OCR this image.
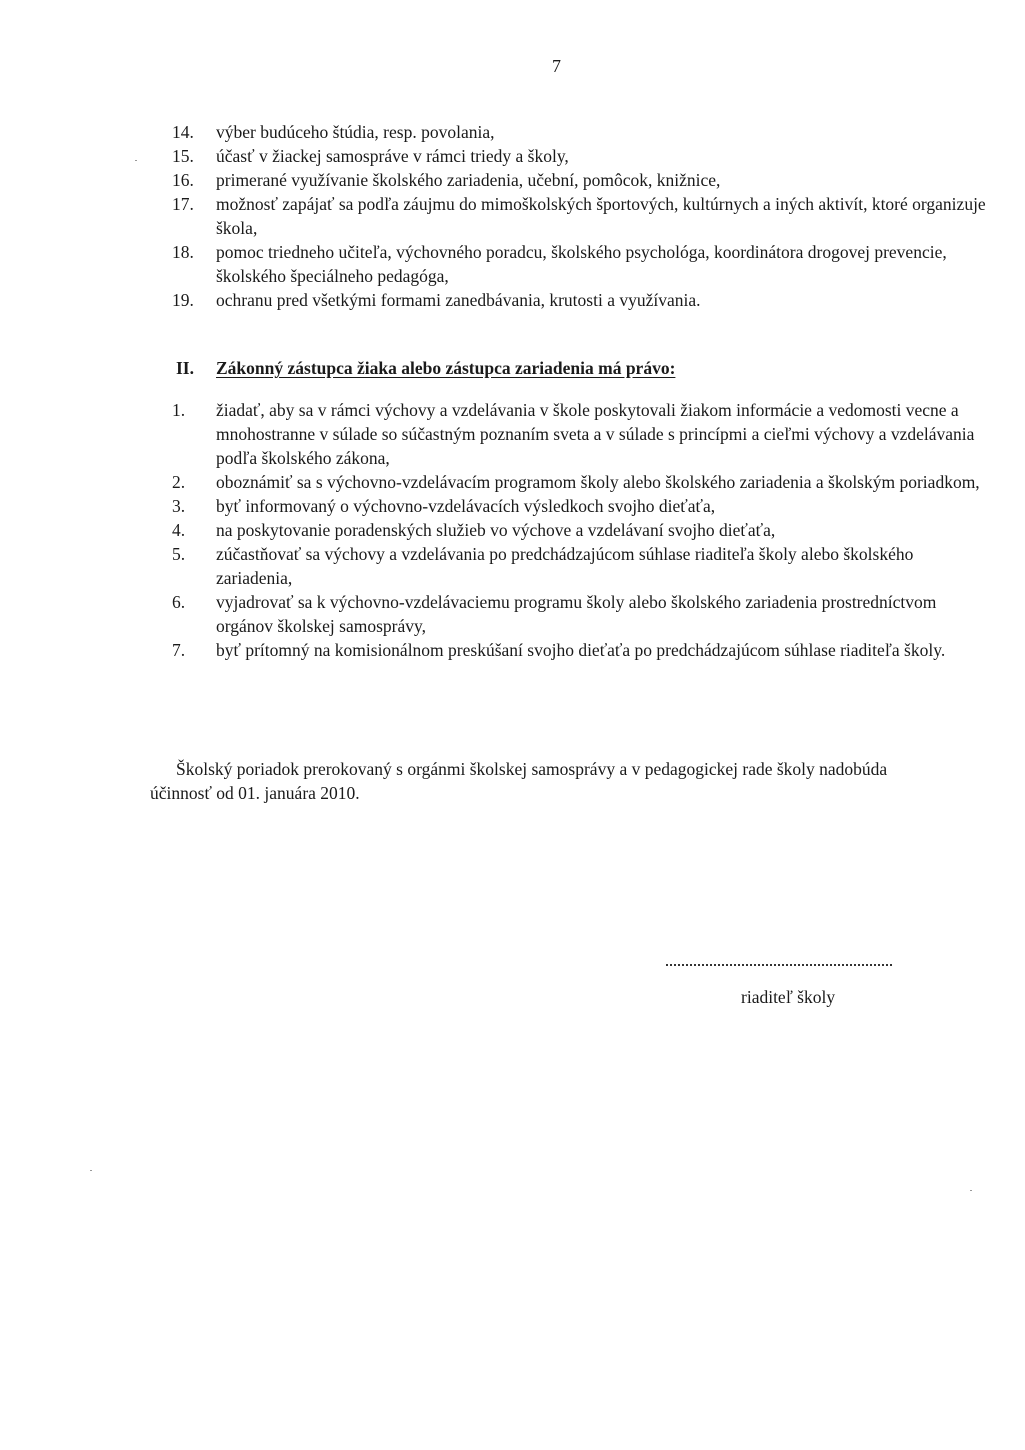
7
14.	výber budúceho štúdia, resp. povolania,
15.	účasť v žiackej samospráve v rámci triedy a školy,
16.	primerané využívanie školského zariadenia, učební, pomôcok, knižnice,
17.	možnosť zapájať sa podľa záujmu do mimoškolských športových, kultúrnych a iných aktivít, ktoré organizuje škola,
18.	pomoc triedneho učiteľa, výchovného poradcu, školského psychológa, koordinátora drogovej prevencie, školského špeciálneho pedagóga,
19.	ochranu pred všetkými formami zanedbávania, krutosti a využívania.
II.	Zákonný zástupca žiaka alebo zástupca zariadenia má právo:
1.	žiadať, aby sa v rámci výchovy a vzdelávania v škole poskytovali žiakom informácie a vedomosti vecne a mnohostranne v súlade so súčastným poznaním sveta a v súlade s princípmi a cieľmi výchovy a vzdelávania podľa školského zákona,
2.	oboznámiť sa s výchovno-vzdelávacím programom školy alebo školského zariadenia a školským poriadkom,
3.	byť informovaný o výchovno-vzdelávacích výsledkoch svojho dieťaťa,
4.	na poskytovanie poradenských služieb vo výchove a vzdelávaní svojho dieťaťa,
5.	zúčastňovať sa výchovy a vzdelávania po predchádzajúcom súhlase riaditeľa školy alebo školského zariadenia,
6.	vyjadrovať sa k výchovno-vzdelávaciemu programu školy alebo školského zariadenia prostredníctvom orgánov školskej samosprávy,
7.	byť prítomný na komisionálnom preskúšaní svojho dieťaťa po predchádzajúcom súhlase riaditeľa školy.

Školský poriadok prerokovaný s orgánmi školskej samosprávy a v pedagogickej rade školy nadobúda účinnosť od 01. januára 2010.

riaditeľ školy
